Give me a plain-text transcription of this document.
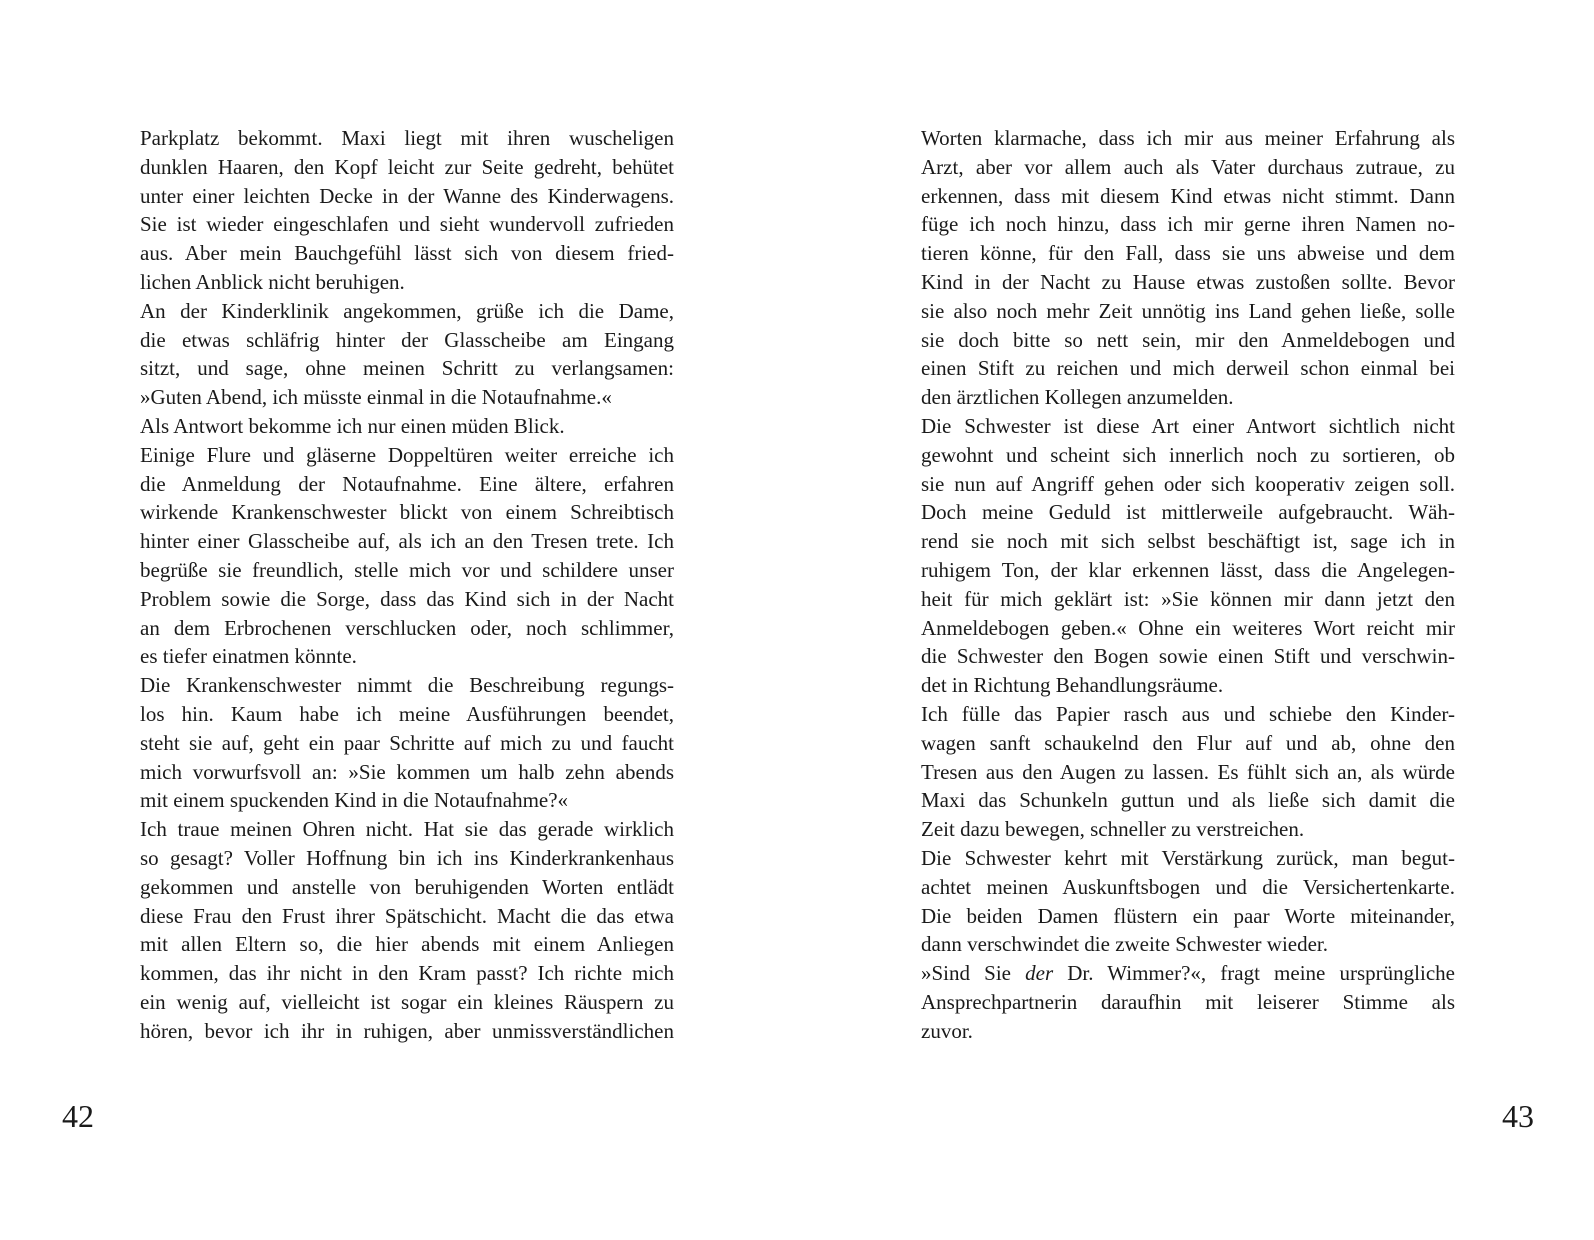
Parkplatz bekommt. Maxi liegt mit ihren wuscheligen
dunklen Haaren, den Kopf leicht zur Seite gedreht, behütet
unter einer leichten Decke in der Wanne des Kinderwagens.
Sie ist wieder eingeschlafen und sieht wundervoll zufrieden
aus. Aber mein Bauchgefühl lässt sich von diesem fried-
lichen Anblick nicht beruhigen.
An der Kinderklinik angekommen, grüße ich die Dame,
die etwas schläfrig hinter der Glasscheibe am Eingang
sitzt, und sage, ohne meinen Schritt zu verlangsamen:
»Guten Abend, ich müsste einmal in die Notaufnahme.«
Als Antwort bekomme ich nur einen müden Blick.
Einige Flure und gläserne Doppeltüren weiter erreiche ich
die Anmeldung der Notaufnahme. Eine ältere, erfahren
wirkende Krankenschwester blickt von einem Schreibtisch
hinter einer Glasscheibe auf, als ich an den Tresen trete. Ich
begrüße sie freundlich, stelle mich vor und schildere unser
Problem sowie die Sorge, dass das Kind sich in der Nacht
an dem Erbrochenen verschlucken oder, noch schlimmer,
es tiefer einatmen könnte.
Die Krankenschwester nimmt die Beschreibung regungs-
los hin. Kaum habe ich meine Ausführungen beendet,
steht sie auf, geht ein paar Schritte auf mich zu und faucht
mich vorwurfsvoll an: »Sie kommen um halb zehn abends
mit einem spuckenden Kind in die Notaufnahme?«
Ich traue meinen Ohren nicht. Hat sie das gerade wirklich
so gesagt? Voller Hoffnung bin ich ins Kinderkrankenhaus
gekommen und anstelle von beruhigenden Worten entlädt
diese Frau den Frust ihrer Spätschicht. Macht die das etwa
mit allen Eltern so, die hier abends mit einem Anliegen
kommen, das ihr nicht in den Kram passt? Ich richte mich
ein wenig auf, vielleicht ist sogar ein kleines Räuspern zu
hören, bevor ich ihr in ruhigen, aber unmissverständlichen
42
Worten klarmache, dass ich mir aus meiner Erfahrung als
Arzt, aber vor allem auch als Vater durchaus zutraue, zu
erkennen, dass mit diesem Kind etwas nicht stimmt. Dann
füge ich noch hinzu, dass ich mir gerne ihren Namen no-
tieren könne, für den Fall, dass sie uns abweise und dem
Kind in der Nacht zu Hause etwas zustoßen sollte. Bevor
sie also noch mehr Zeit unnötig ins Land gehen ließe, solle
sie doch bitte so nett sein, mir den Anmeldebogen und
einen Stift zu reichen und mich derweil schon einmal bei
den ärztlichen Kollegen anzumelden.
Die Schwester ist diese Art einer Antwort sichtlich nicht
gewohnt und scheint sich innerlich noch zu sortieren, ob
sie nun auf Angriff gehen oder sich kooperativ zeigen soll.
Doch meine Geduld ist mittlerweile aufgebraucht. Wäh-
rend sie noch mit sich selbst beschäftigt ist, sage ich in
ruhigem Ton, der klar erkennen lässt, dass die Angelegen-
heit für mich geklärt ist: »Sie können mir dann jetzt den
Anmeldebogen geben.« Ohne ein weiteres Wort reicht mir
die Schwester den Bogen sowie einen Stift und verschwin-
det in Richtung Behandlungsräume.
Ich fülle das Papier rasch aus und schiebe den Kinder-
wagen sanft schaukelnd den Flur auf und ab, ohne den
Tresen aus den Augen zu lassen. Es fühlt sich an, als würde
Maxi das Schunkeln guttun und als ließe sich damit die
Zeit dazu bewegen, schneller zu verstreichen.
Die Schwester kehrt mit Verstärkung zurück, man begut-
achtet meinen Auskunftsbogen und die Versichertenkarte.
Die beiden Damen flüstern ein paar Worte miteinander,
dann verschwindet die zweite Schwester wieder.
»Sind Sie der Dr. Wimmer?«, fragt meine ursprüngliche
Ansprechpartnerin daraufhin mit leiserer Stimme als
zuvor.
43
